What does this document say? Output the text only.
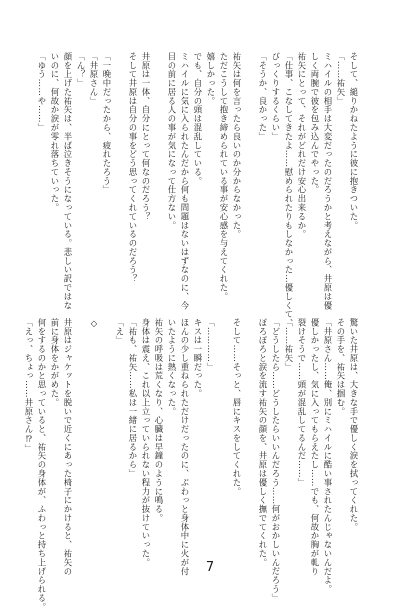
そして、縋りかねたように彼に抱きついた。
「……祐矢」
ミハイルの相手は大変だったのだろうかと考えながら、井原は優
しく両腕で彼を包み込んでやった。
祐矢にとって、それがどれだけ安心出来るか。
「仕事、こなしてきたよ……慰められたりもしなかった…優しくて、
びっくりするくらい」
「そうか、良かった」

祐矢は何を言ったら良いのか分からなかった。
ただこうして抱き締められている事が安心感を与えてくれた。
嬉しかった。
でも、自分の頭は混乱している。
ミハイルに気に入られたんだから何も問題はないはずなのに、今
目の前に居る人の事が気になって仕方ない。

井原は一体、自分にとって何なのだろう？
そして井原は自分の事をどう思ってくれているのだろう？

「一晩中だったから、疲れたろう」
「井原さん」
「ん？」
顔を上げた祐矢は、半ば泣きそうになっている。悲しい訳ではな
いのに、何故か涙が零れ落ちていった。
「ゆう……や……」
驚いた井原は、大きな手で優しく涙を拭ってくれた。
その手を、祐矢は掴む。
「井原さん……俺、別にミハイルに酷い事されたんじゃないんだよ。
優しかったし、気に入ってもらえたし……でも、何故か胸が軋り
裂けそうで……頭が混乱してるんだ……」
「……祐矢」
「どうしたら……どうしたらいいんだろう……何がおかしいんだろう」
ぽろぽろと涙を流す祐矢の顔を、井原は優しく撫でてくれた。

そして……そっと、唇にキスをしてくれた。

「…………」
キスは一瞬だった。
ほんの少し重ねられただけだったのに、ぶわっと身体中に火が付
いたように熱くなった。
祐矢の呼吸は荒くなり、心臓は早鐘のように鳴る。
身体は震え、これ以上立っていられない程力が抜けていった。
「祐も、祐矢……私は一緒に居るから」
「え」

◇

井原はジャケットを脱いで近くにあった椅子にかけると、祐矢の
前に身体をかがめた。
何をするのかと思っていると、祐矢の身体が、ふわっと持ち上げられる。
「えっ、ちょっ……井原さん⁉」
7
